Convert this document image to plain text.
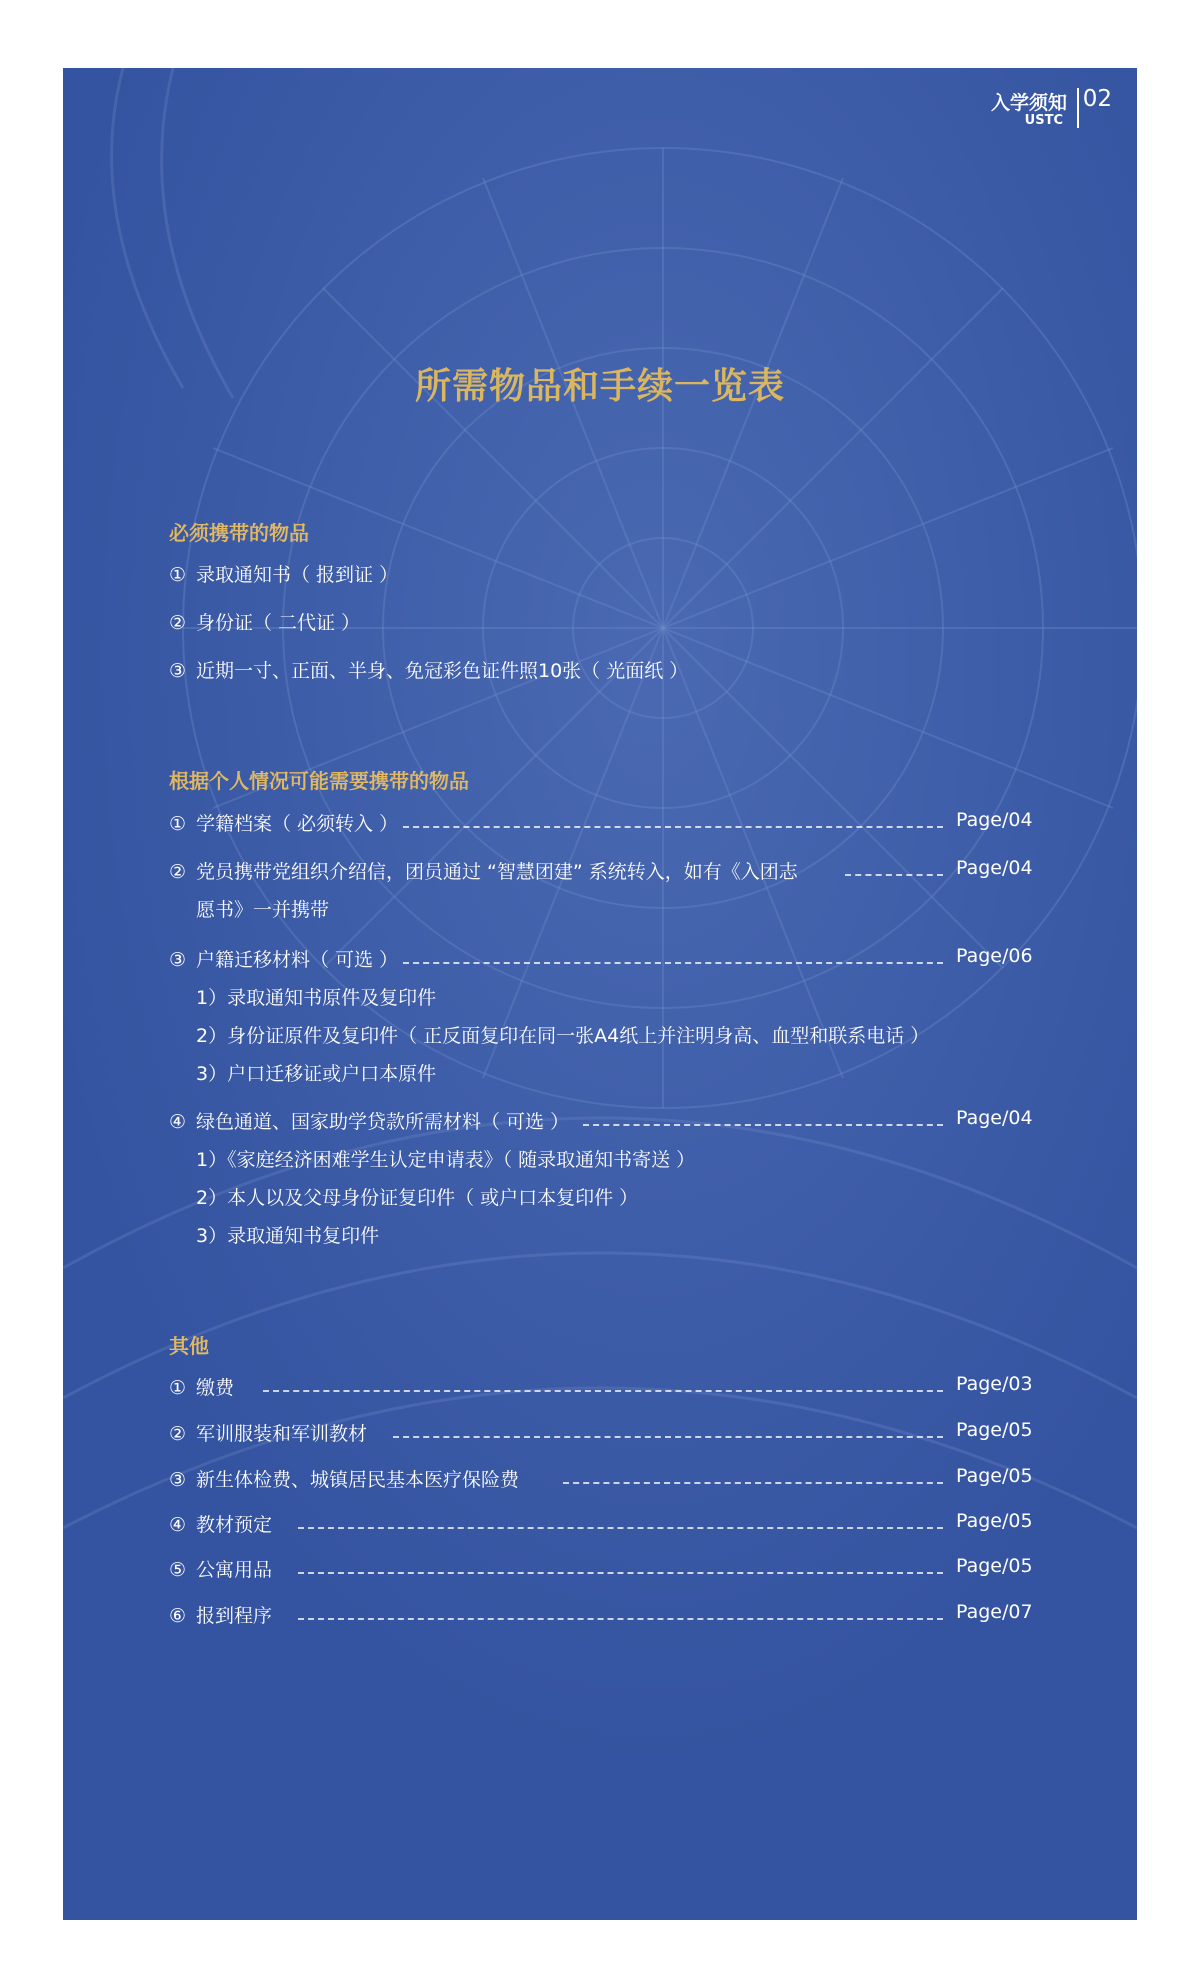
入学须知
USTC
02
所需物品和手续一览表
必须携带的物品
① 录取通知书（ 报到证 ）
② 身份证（ 二代证 ）
③ 近期一寸、正面、半身、免冠彩色证件照10张（ 光面纸 ）
根据个人情况可能需要携带的物品
① 学籍档案（ 必须转入 ）	Page/04
② 党员携带党组织介绍信，团员通过 “智慧团建” 系统转入，如有《入团志	Page/04
愿书》一并携带
③ 户籍迁移材料（ 可选 ）	Page/06
1）录取通知书原件及复印件
2）身份证原件及复印件（ 正反面复印在同一张A4纸上并注明身高、血型和联系电话 ）
3）户口迁移证或户口本原件
④ 绿色通道、国家助学贷款所需材料（ 可选 ）	Page/04
1）《家庭经济困难学生认定申请表》（ 随录取通知书寄送 ）
2）本人以及父母身份证复印件（ 或户口本复印件 ）
3）录取通知书复印件
其他
① 缴费	Page/03
② 军训服装和军训教材	Page/05
③ 新生体检费、城镇居民基本医疗保险费	Page/05
④ 教材预定	Page/05
⑤ 公寓用品	Page/05
⑥ 报到程序	Page/07
